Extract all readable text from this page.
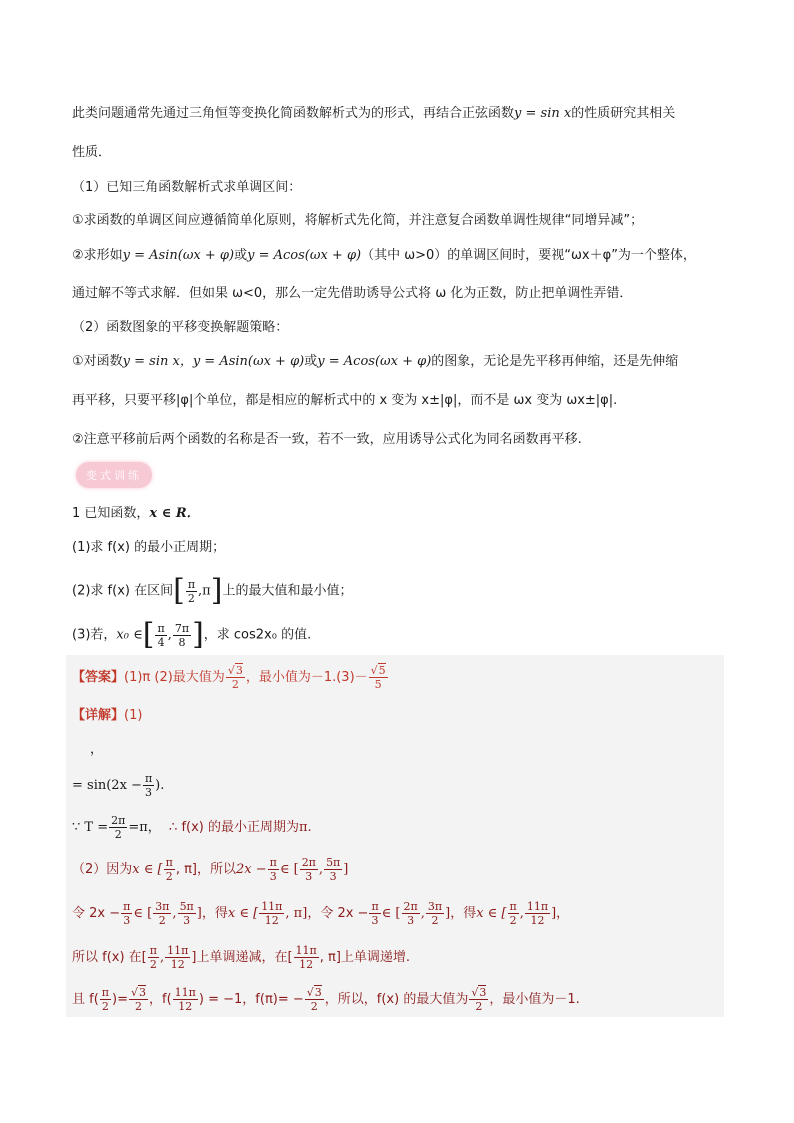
此类问题通常先通过三角恒等变换化简函数解析式为的形式，再结合正弦函数y = sin x的性质研究其相关
性质．
（1）已知三角函数解析式求单调区间：
①求函数的单调区间应遵循简单化原则，将解析式先化简，并注意复合函数单调性规律“同增异减”；
②求形如y = Asin(ωx + φ)或y = Acos(ωx + φ)（其中 ω>0）的单调区间时，要视“ωx＋φ”为一个整体，
通过解不等式求解．但如果 ω<0，那么一定先借助诱导公式将 ω 化为正数，防止把单调性弄错．
（2）函数图象的平移变换解题策略：
①对函数y = sin x，y = Asin(ωx + φ)或y = Acos(ωx + φ)的图象，无论是先平移再伸缩，还是先伸缩
再平移，只要平移|φ|个单位，都是相应的解析式中的 x 变为 x±|φ|，而不是 ωx 变为 ωx±|φ|.
②注意平移前后两个函数的名称是否一致，若不一致，应用诱导公式化为同名函数再平移.
变式训练
1 已知函数，x ∈ R．
(1)求 f(x) 的最小正周期；
(2)求 f(x) 在区间[ $\frac{\pi}{2} ,\pi$]上的最大值和最小值；
(3)若，x₀ ∈[ $\frac{\pi}{4}$ , $\frac{7\pi}{8}$ ]，求 cos2x₀ 的值.
【答案】(1)π (2)最大值为 $\frac{√3}{2}$ ，最小值为$-1.(3)- \frac{√5}{5}$
【详解】(1)
，
= $\sin(2x - \frac{\pi}{3}$ ).
∵ $T = \frac{2\pi}{2} =\pi$， ∴ f(x) 的最小正周期为π.
（2）因为x ∈ [ $\frac{\pi}{2}$ , π]，所以$2x - \frac{\pi}{3}$ ∈ [ $\frac{2\pi}{3}$ , $\frac{5\pi}{3}$ ]
令 $2x - \frac{\pi}{3}$ ∈ [ $\frac{3\pi}{2}$ , $\frac{5\pi}{3}$ ]，得x ∈ [ $\frac{11\pi}{12}$ , π]，令 $2x - \frac{\pi}{3}$ ∈ [ $\frac{2\pi}{3}$ , $\frac{3\pi}{2}$ ]，得x ∈ [ $\frac{\pi}{2}$ , $\frac{11\pi}{12}$ ]，
所以 f(x) 在[ $\frac{\pi}{2}$ , $\frac{11\pi}{12}$ ]上单调递减，在[ $\frac{11\pi}{12}$ , π]上单调递增.
且 $f( \frac{\pi}{2}$ )= $\frac{√3}{2}$ ，$f( \frac{11\pi}{12}$ ) = −1，$f(\pi)= - \frac{√3}{2}$ ，所以，f(x) 的最大值为 $\frac{√3}{2}$ ，最小值为－1.
